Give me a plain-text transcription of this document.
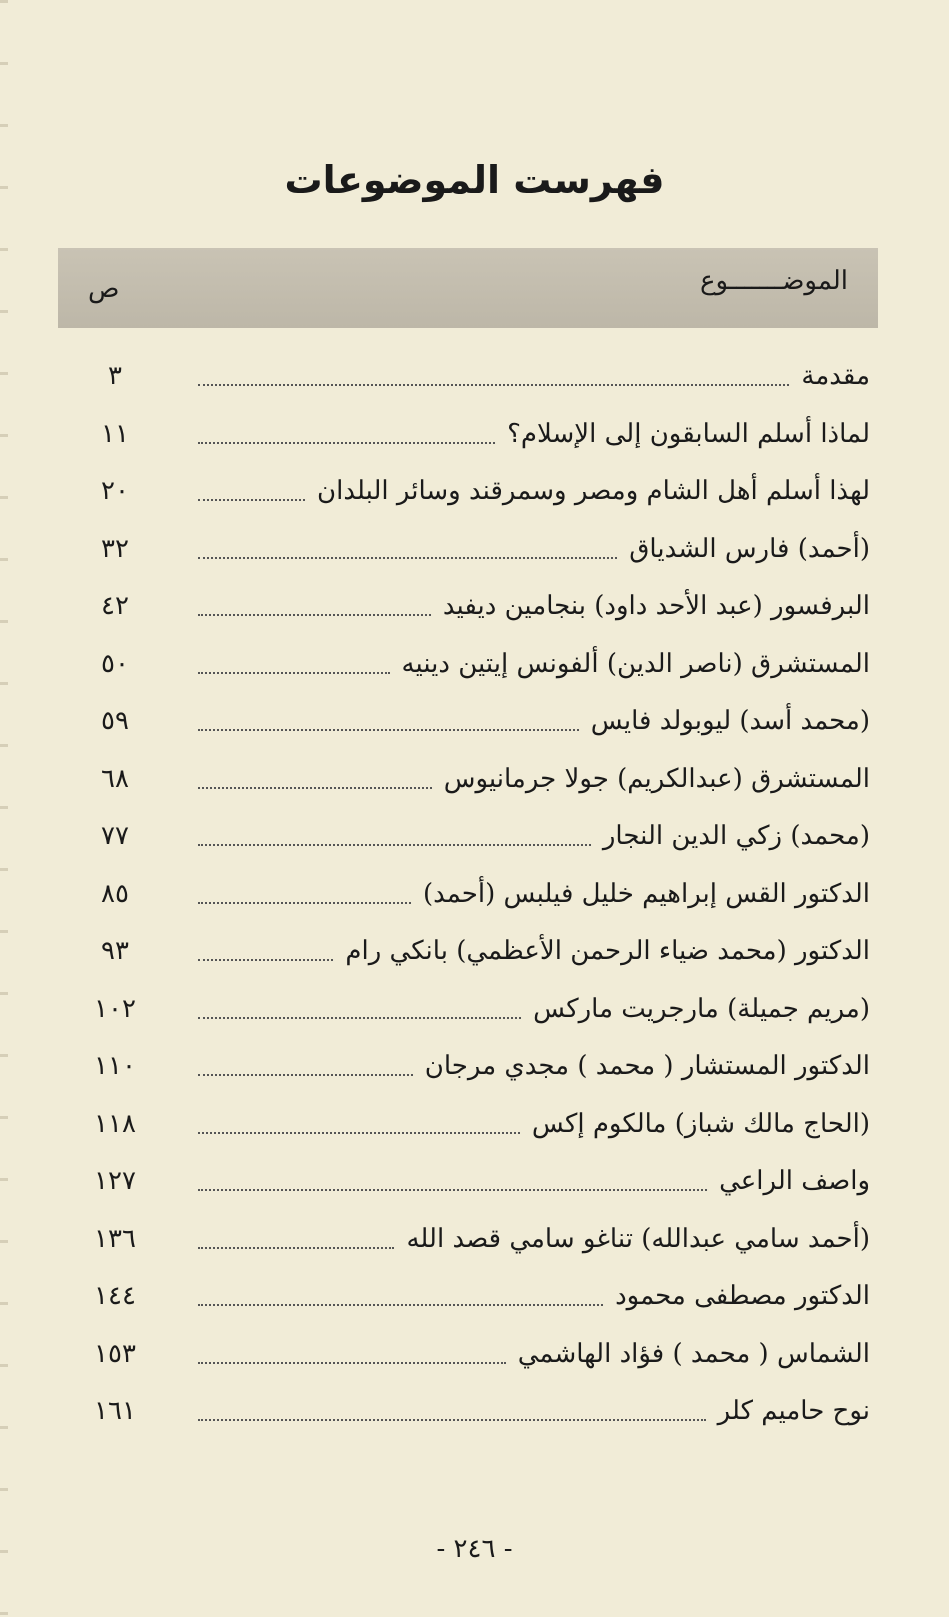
فهرست الموضوعات
الموضـــــــوع
ص
مقدمة
٣
لماذا أسلم السابقون إلى الإسلام؟
١١
لهذا أسلم أهل الشام ومصر وسمرقند وسائر البلدان
٢٠
(أحمد) فارس الشدياق
٣٢
البرفسور (عبد الأحد داود) بنجامين ديفيد
٤٢
المستشرق (ناصر الدين) ألفونس إيتين دينيه
٥٠
(محمد أسد) ليوبولد فايس
٥٩
المستشرق (عبدالكريم) جولا جرمانيوس
٦٨
(محمد) زكي الدين النجار
٧٧
الدكتور القس إبراهيم خليل فيلبس (أحمد)
٨٥
الدكتور (محمد ضياء الرحمن الأعظمي) بانكي رام
٩٣
(مريم جميلة) مارجريت ماركس
١٠٢
الدكتور المستشار ( محمد ) مجدي مرجان
١١٠
(الحاج مالك شباز) مالكوم إكس
١١٨
واصف الراعي
١٢٧
(أحمد سامي عبدالله) تناغو سامي قصد الله
١٣٦
الدكتور مصطفى محمود
١٤٤
الشماس ( محمد ) فؤاد الهاشمي
١٥٣
نوح حاميم كلر
١٦١
- ٢٤٦ -
